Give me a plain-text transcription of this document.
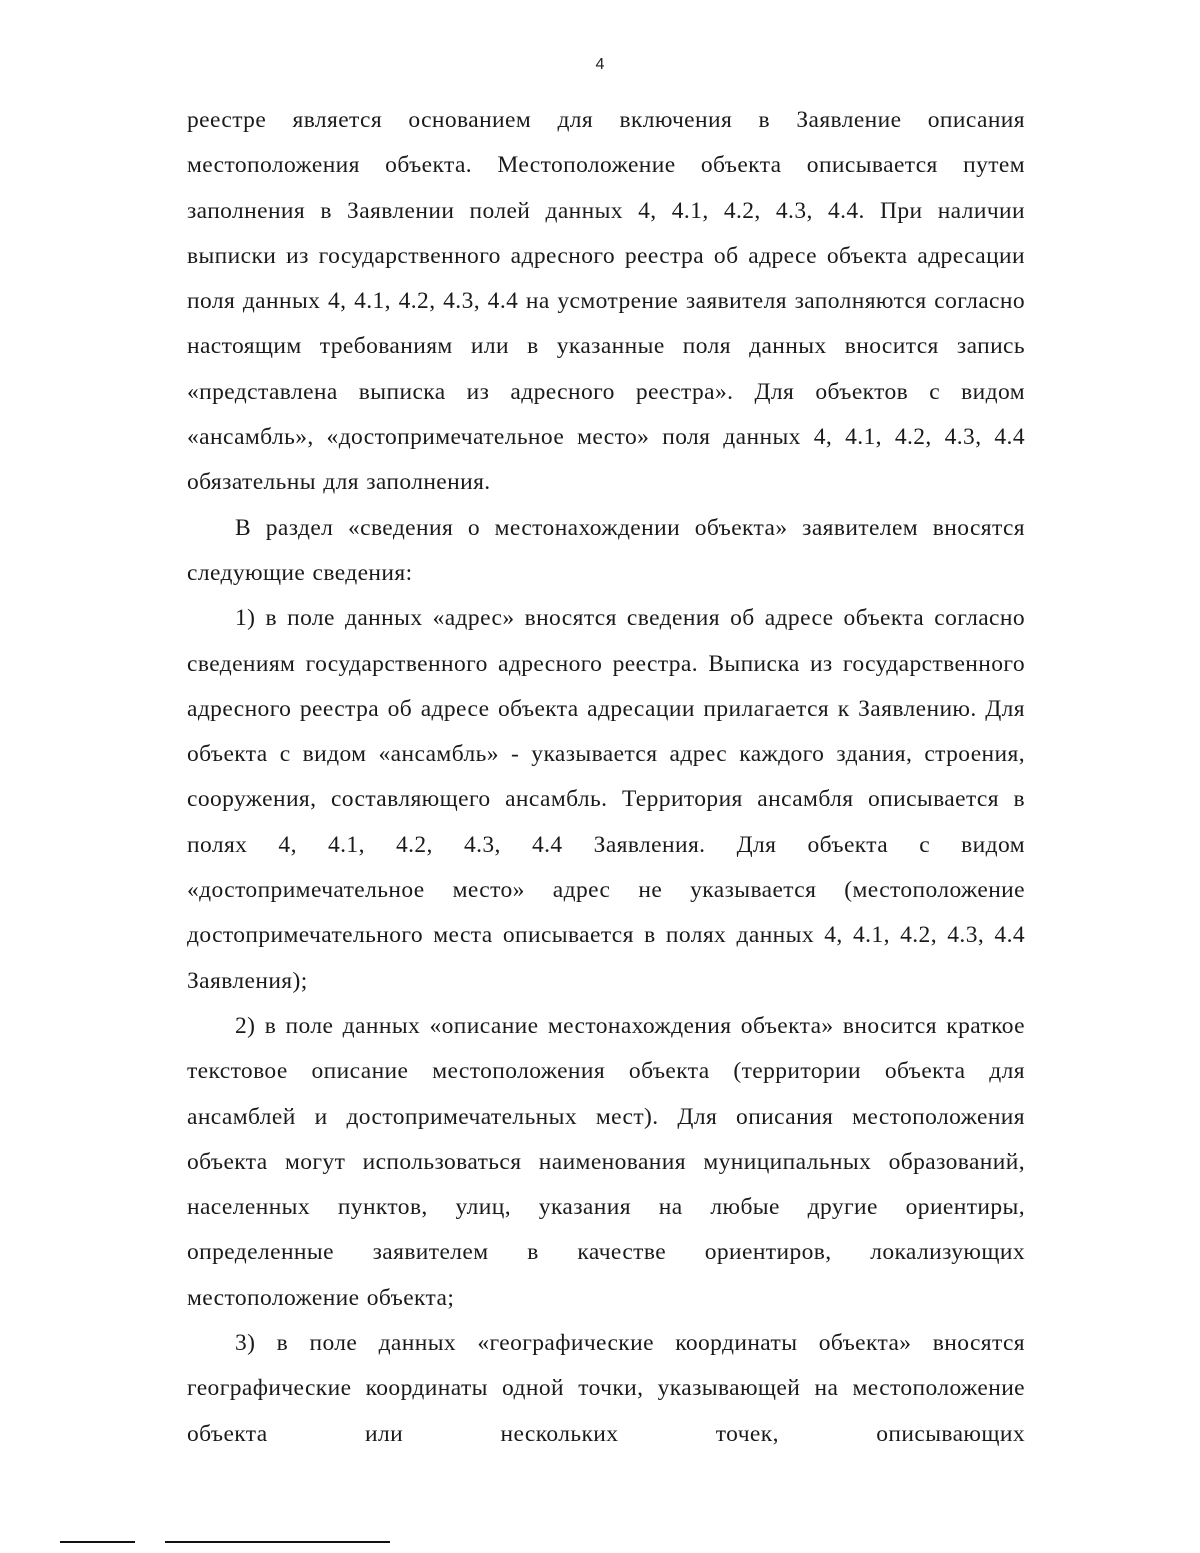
4

реестре является основанием для включения в Заявление описания местоположения объекта. Местоположение объекта описывается путем заполнения в Заявлении полей данных 4, 4.1, 4.2, 4.3, 4.4. При наличии выписки из государственного адресного реестра об адресе объекта адресации поля данных 4, 4.1, 4.2, 4.3, 4.4 на усмотрение заявителя заполняются согласно настоящим требованиям или в указанные поля данных вносится запись «представлена выписка из адресного реестра». Для объектов с видом «ансамбль», «достопримечательное место» поля данных 4, 4.1, 4.2, 4.3, 4.4 обязательны для заполнения.

В раздел «сведения о местонахождении объекта» заявителем вносятся следующие сведения:

1) в поле данных «адрес» вносятся сведения об адресе объекта согласно сведениям государственного адресного реестра. Выписка из государственного адресного реестра об адресе объекта адресации прилагается к Заявлению. Для объекта с видом «ансамбль» - указывается адрес каждого здания, строения, сооружения, составляющего ансамбль. Территория ансамбля описывается в полях 4, 4.1, 4.2, 4.3, 4.4 Заявления. Для объекта с видом «достопримечательное место» адрес не указывается (местоположение достопримечательного места описывается в полях данных 4, 4.1, 4.2, 4.3, 4.4 Заявления);

2) в поле данных «описание местонахождения объекта» вносится краткое текстовое описание местоположения объекта (территории объекта для ансамблей и достопримечательных мест). Для описания местоположения объекта могут использоваться наименования муниципальных образований, населенных пунктов, улиц, указания на любые другие ориентиры, определенные заявителем в качестве ориентиров, локализующих местоположение объекта;

3) в поле данных «географические координаты объекта» вносятся географические координаты одной точки, указывающей на местоположение объекта или нескольких точек, описывающих
